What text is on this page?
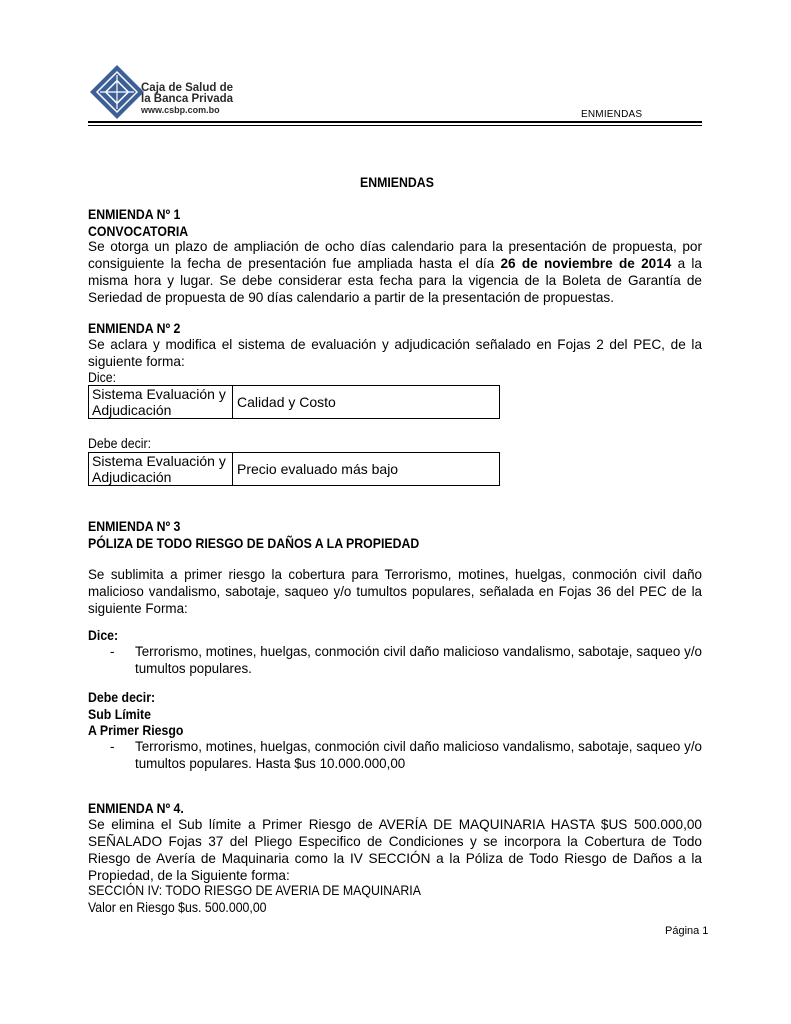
Caja de Salud de
la Banca Privada
www.csbp.com.bo	ENMIENDAS
ENMIENDAS
ENMIENDA Nº 1
CONVOCATORIA
Se otorga un plazo de ampliación de ocho días calendario para la presentación de propuesta, por consiguiente la fecha de presentación fue ampliada hasta el día 26 de noviembre de 2014 a la misma hora y lugar. Se debe considerar esta fecha para la vigencia de la Boleta de Garantía de Seriedad de propuesta de 90 días calendario a partir de la presentación de propuestas.
ENMIENDA Nº 2
Se aclara y modifica el sistema de evaluación y adjudicación señalado en Fojas 2 del PEC, de la siguiente forma:
Dice:
Sistema Evaluación y Adjudicación	Calidad y Costo
Debe decir:
Sistema Evaluación y Adjudicación	Precio evaluado más bajo
ENMIENDA Nº 3
PÓLIZA DE TODO RIESGO DE DAÑOS A LA PROPIEDAD
Se sublimita a primer riesgo la cobertura para Terrorismo, motines, huelgas, conmoción civil daño malicioso vandalismo, sabotaje, saqueo y/o tumultos populares, señalada en Fojas 36 del PEC de la siguiente Forma:
Dice:
- Terrorismo, motines, huelgas, conmoción civil daño malicioso vandalismo, sabotaje, saqueo y/o tumultos populares.
Debe decir:
Sub Límite
A Primer Riesgo
- Terrorismo, motines, huelgas, conmoción civil daño malicioso vandalismo, sabotaje, saqueo y/o tumultos populares. Hasta $us 10.000.000,00
ENMIENDA Nº 4.
Se elimina el Sub límite a Primer Riesgo de AVERÍA DE MAQUINARIA HASTA $US 500.000,00 SEÑALADO Fojas 37 del Pliego Especifico de Condiciones y se incorpora la Cobertura de Todo Riesgo de Avería de Maquinaria como la IV SECCIÓN a la Póliza de Todo Riesgo de Daños a la Propiedad, de la Siguiente forma:
SECCIÓN IV: TODO RIESGO DE AVERIA DE MAQUINARIA
Valor en Riesgo $us. 500.000,00
Página 1
